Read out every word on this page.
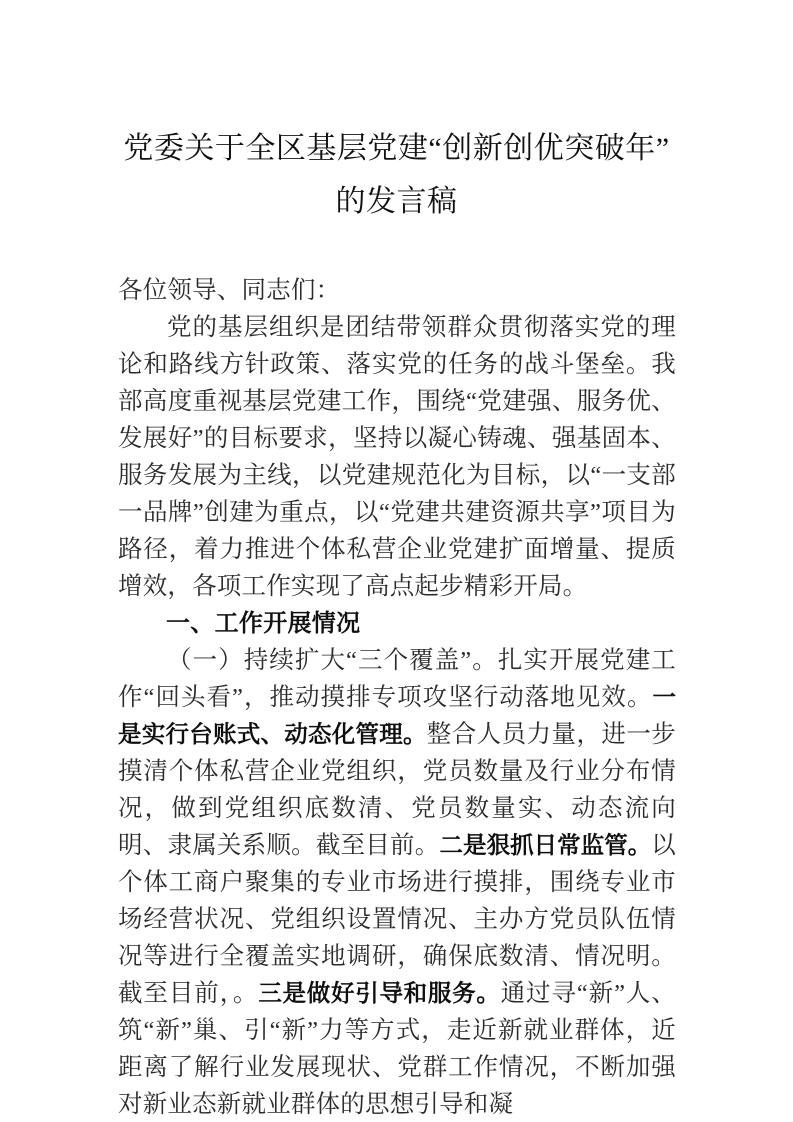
党委关于全区基层党建“创新创优突破年”
的发言稿

各位领导、同志们：

党的基层组织是团结带领群众贯彻落实党的理论和路线方针政策、落实党的任务的战斗堡垒。我部高度重视基层党建工作，围绕“党建强、服务优、发展好”的目标要求，坚持以凝心铸魂、强基固本、服务发展为主线，以党建规范化为目标，以“一支部一品牌”创建为重点，以“党建共建资源共享”项目为路径，着力推进个体私营企业党建扩面增量、提质增效，各项工作实现了高点起步精彩开局。

一、工作开展情况

（一）持续扩大“三个覆盖”。扎实开展党建工作“回头看”，推动摸排专项攻坚行动落地见效。一是实行台账式、动态化管理。整合人员力量，进一步摸清个体私营企业党组织，党员数量及行业分布情况，做到党组织底数清、党员数量实、动态流向明、隶属关系顺。截至目前。二是狠抓日常监管。以个体工商户聚集的专业市场进行摸排，围绕专业市场经营状况、党组织设置情况、主办方党员队伍情况等进行全覆盖实地调研，确保底数清、情况明。截至目前，。三是做好引导和服务。通过寻“新”人、筑“新”巢、引“新”力等方式，走近新就业群体，近距离了解行业发展现状、党群工作情况，不断加强对新业态新就业群体的思想引导和凝
